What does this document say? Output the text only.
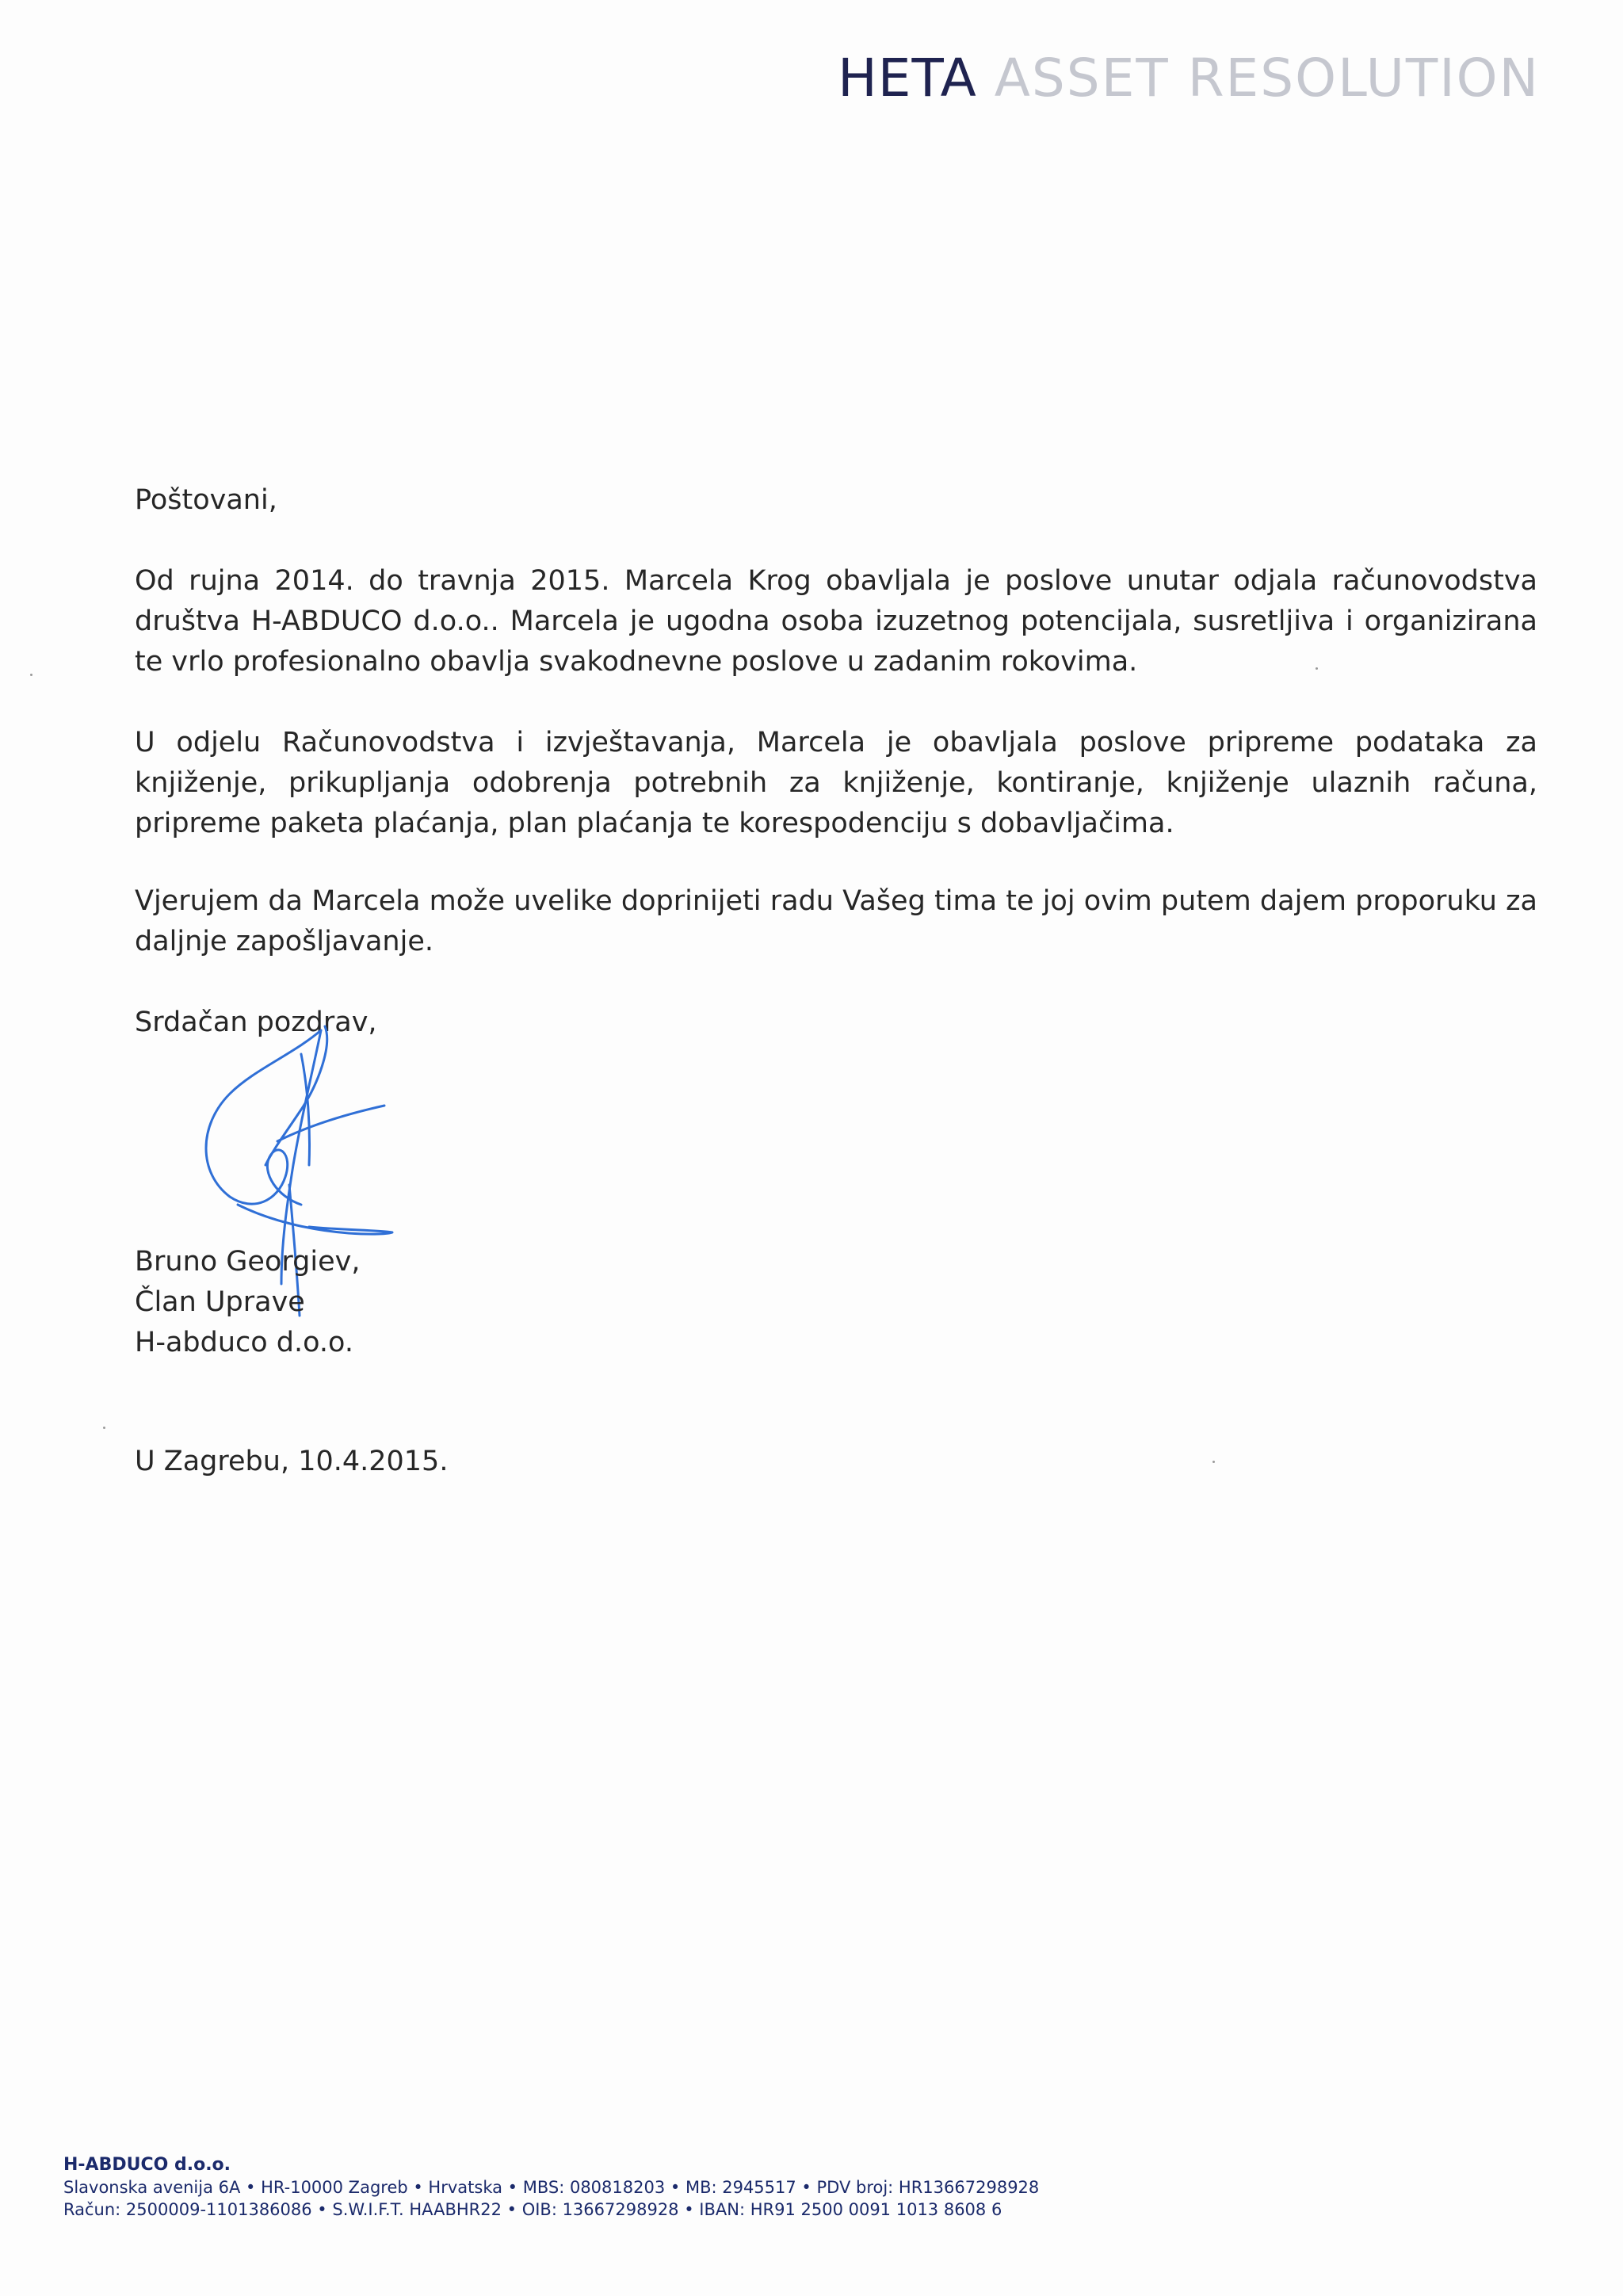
HETA ASSET RESOLUTION

Poštovani,

Od rujna 2014. do travnja 2015. Marcela Krog obavljala je poslove unutar odjala računovodstva društva H-ABDUCO d.o.o.. Marcela je ugodna osoba izuzetnog potencijala, susretljiva i organizirana te vrlo profesionalno obavlja svakodnevne poslove u zadanim rokovima.

U odjelu Računovodstva i izvještavanja, Marcela je obavljala poslove pripreme podataka za knjiženje, prikupljanja odobrenja potrebnih za knjiženje, kontiranje, knjiženje ulaznih računa, pripreme paketa plaćanja, plan plaćanja te korespodenciju s dobavljačima.

Vjerujem da Marcela može uvelike doprinijeti radu Vašeg tima te joj ovim putem dajem proporuku za daljnje zapošljavanje.

Srdačan pozdrav,

Bruno Georgiev,

Član Uprave

H-abduco d.o.o.

U Zagrebu, 10.4.2015.

H-ABDUCO d.o.o.
Slavonska avenija 6A • HR-10000 Zagreb • Hrvatska • MBS: 080818203 • MB: 2945517 • PDV broj: HR13667298928
Račun: 2500009-1101386086 • S.W.I.F.T. HAABHR22 • OIB: 13667298928 • IBAN: HR91 2500 0091 1013 8608 6
